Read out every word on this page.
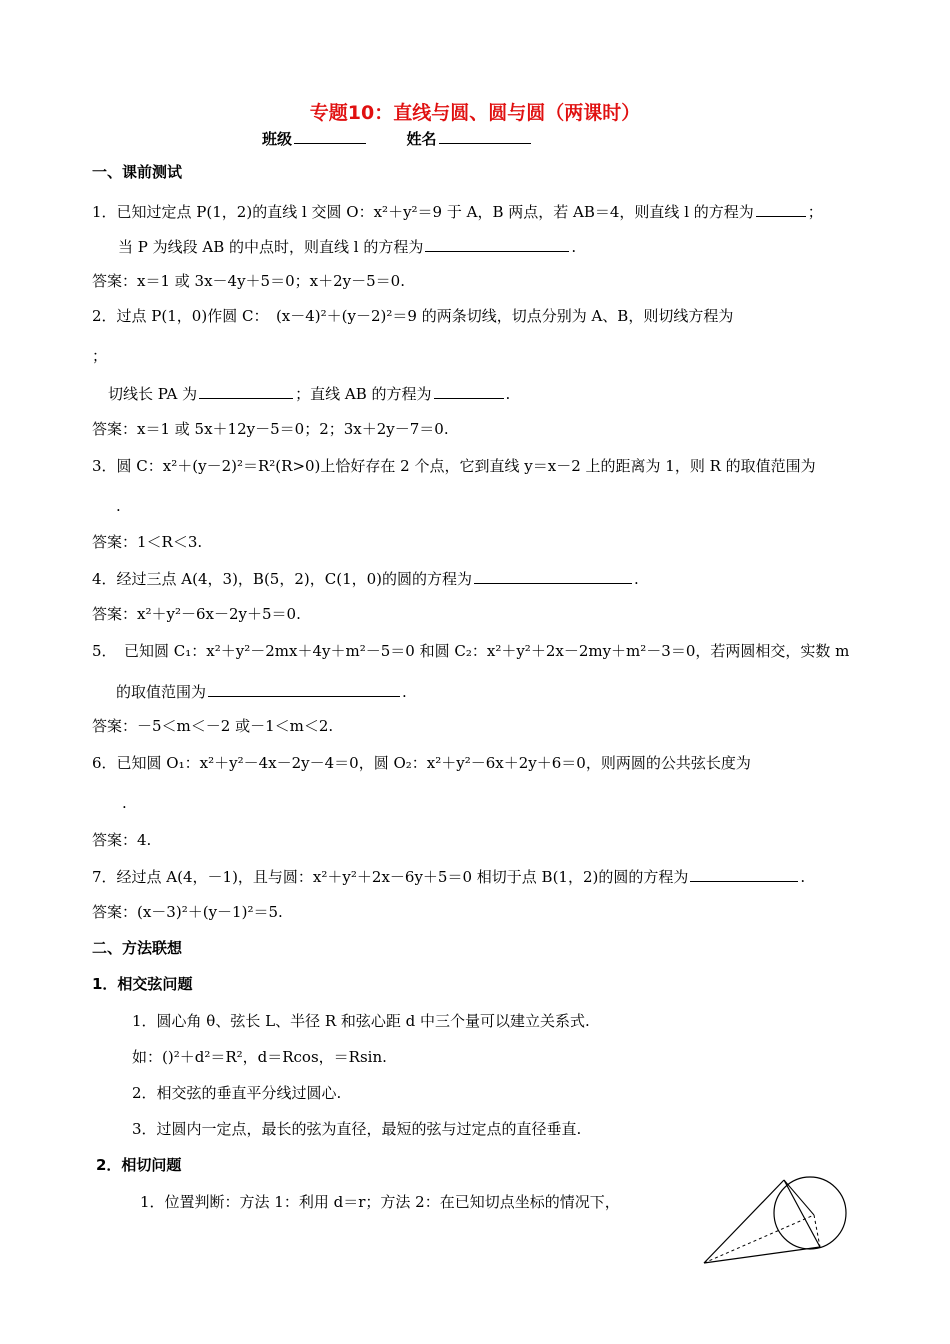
专题10：直线与圆、圆与圆（两课时）
班级	姓名
一、课前测试
1．已知过定点 P(1，2)的直线 l 交圆 O：x²＋y²＝9 于 A，B 两点，若 AB＝4，则直线 l 的方程为	；
当 P 为线段 AB 的中点时，则直线 l 的方程为	.
答案：x＝1 或 3x－4y＋5＝0；x＋2y－5＝0.
2．过点 P(1，0)作圆 C：　(x－4)²＋(y－2)²＝9 的两条切线，切点分别为 A、B，则切线方程为
；
切线长 PA 为	；直线 AB 的方程为	.
答案：x＝1 或 5x＋12y－5＝0；2；3x＋2y－7＝0.
3．圆 C：x²＋(y－2)²＝R²(R>0)上恰好存在 2 个点，它到直线 y＝x－2 上的距离为 1，则 R 的取值范围为
.
答案：1＜R＜3.
4．经过三点 A(4，3)，B(5，2)，C(1，0)的圆的方程为	.
答案：x²＋y²－6x－2y＋5＝0.
5．　已知圆 C₁：x²＋y²－2mx＋4y＋m²－5＝0 和圆 C₂：x²＋y²＋2x－2my＋m²－3＝0，若两圆相交，实数 m
的取值范围为	.
答案：－5＜m＜－2 或－1＜m＜2.
6．已知圆 O₁：x²＋y²－4x－2y－4＝0，圆 O₂：x²＋y²－6x＋2y＋6＝0，则两圆的公共弦长度为
.
答案：4.
7．经过点 A(4，－1)，且与圆：x²＋y²＋2x－6y＋5＝0 相切于点 B(1，2)的圆的方程为	.
答案：(x－3)²＋(y－1)²＝5.
二、方法联想
1．相交弦问题
1．圆心角 θ、弦长 L、半径 R 和弦心距 d 中三个量可以建立关系式.
如：()²＋d²＝R²，d＝Rcos，＝Rsin.
2．相交弦的垂直平分线过圆心.
3．过圆内一定点，最长的弦为直径，最短的弦与过定点的直径垂直.
2．相切问题
1．位置判断：方法 1：利用 d＝r；方法 2：在已知切点坐标的情况下，
